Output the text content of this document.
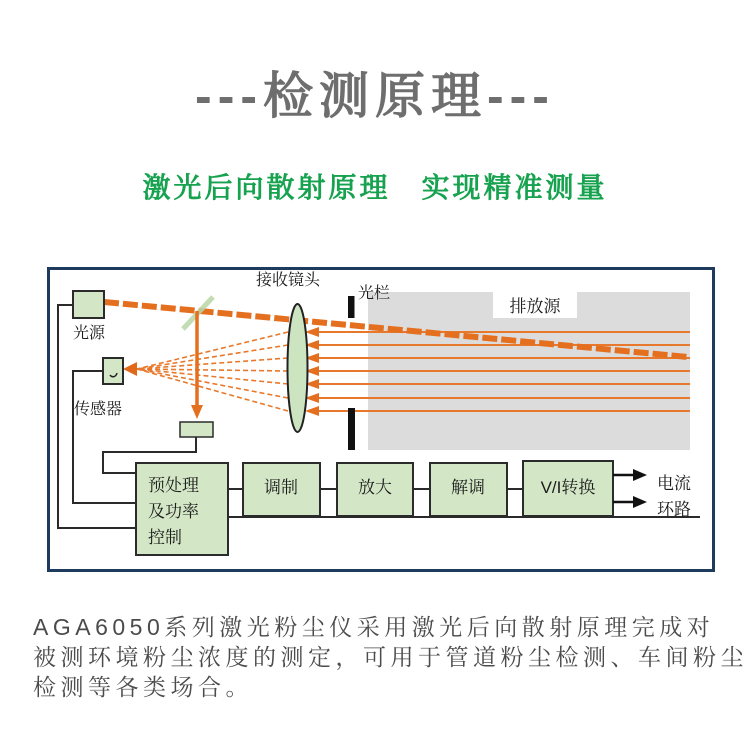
---检测原理---
激光后向散射原理　实现精准测量
排放源
接收镜头
光栏
光源
传感器
预处理
及功率
控制
调制	放大	解调	V/I转换	电流
环路
AGA6050系列激光粉尘仪采用激光后向散射原理完成对
被测环境粉尘浓度的测定，可用于管道粉尘检测、车间粉尘
检测等各类场合。
